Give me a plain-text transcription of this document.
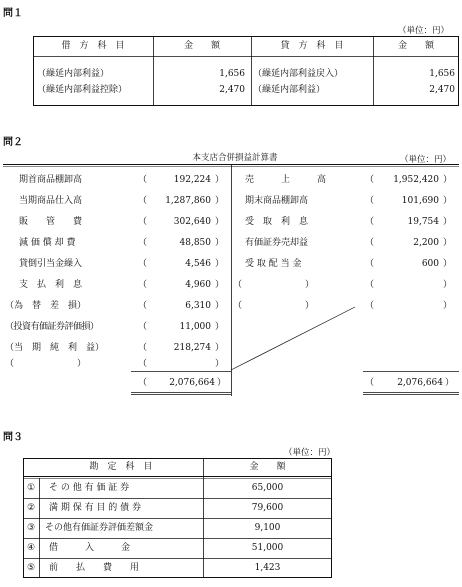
問１
（単位：円）
借　方　科　目	金　　額	貸　方　科　目	金　　額
（繰延内部利益）	1,656 （繰延内部利益戻入）	1,656
（繰延内部利益控除）	2,470 （繰延内部利益）	2,470
問２
本支店合併損益計算書	（単位：円）
期首商品棚卸高	（	192,224 ）
当期商品仕入高	（	1,287,860 ）
販　　管　　費	（	302,640 ）
減 価 償 却 費	（	48,850 ）
貸倒引当金繰入	（	4,546 ）
支　払　利　息	（	4,960 ）
（為　替　差　損）	（	6,310 ）
（投資有価証券評価損）	（	11,000 ）
（当　期　純　利　益）	（	218,274 ）
（　　　　　　　）	（	）
（	2,076,664 ）
売　　　上　　　高	（	1,952,420 ）
期末商品棚卸高	（	101,690 ）
受　取　利　息	（	19,754 ）
有価証券売却益	（	2,200 ）
受 取 配 当 金	（	600 ）
（　　　　　　　）	（	）
（　　　　　　　）	（	）
（	2,076,664 ）
問３
（単位：円）
勘　定　科　目	金　　額
①	そ の 他 有 価 証 券	65,000
②	満 期 保 有 目 的 債 券	79,600
③	その他有価証券評価差額金	9,100
④	借　　　入　　　金	51,000
⑤	前　　払　　費　　用	1,423
